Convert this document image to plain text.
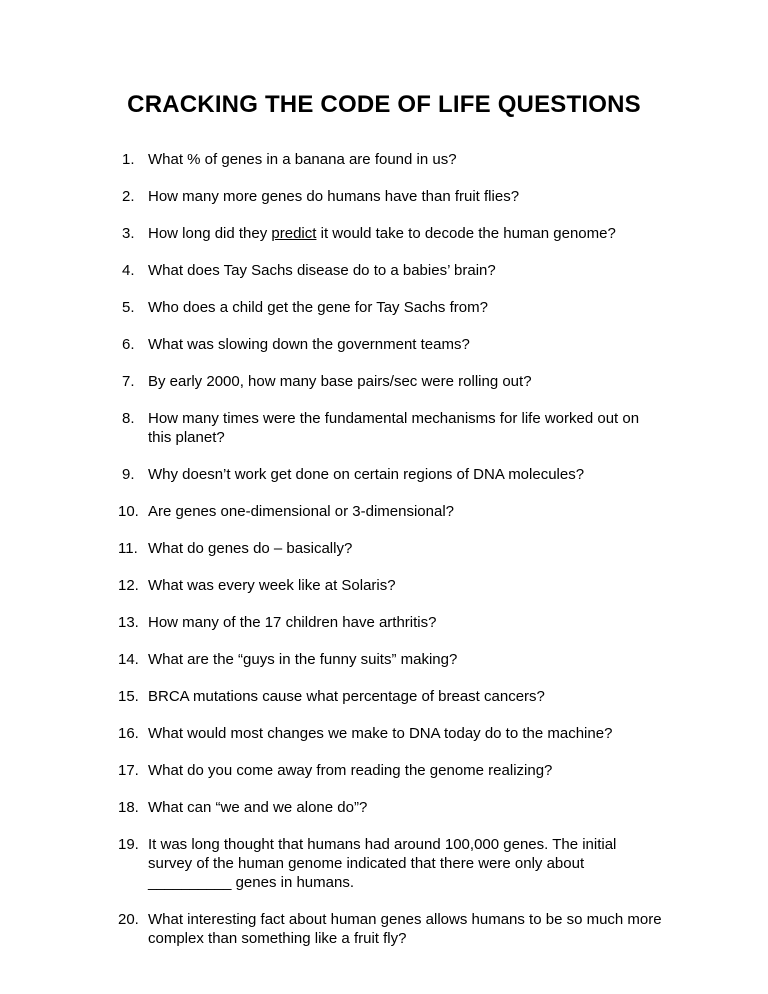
CRACKING THE CODE OF LIFE QUESTIONS
1. What % of genes in a banana are found in us?
2. How many more genes do humans have than fruit flies?
3. How long did they predict it would take to decode the human genome?
4. What does Tay Sachs disease do to a babies’ brain?
5. Who does a child get the gene for Tay Sachs from?
6. What was slowing down the government teams?
7. By early 2000, how many base pairs/sec were rolling out?
8. How many times were the fundamental mechanisms for life worked out on this planet?
9. Why doesn’t work get done on certain regions of DNA molecules?
10. Are genes one-dimensional or 3-dimensional?
11. What do genes do – basically?
12. What was every week like at Solaris?
13. How many of the 17 children have arthritis?
14. What are the “guys in the funny suits” making?
15. BRCA mutations cause what percentage of breast cancers?
16. What would most changes we make to DNA today do to the machine?
17. What do you come away from reading the genome realizing?
18. What can “we and we alone do”?
19. It was long thought that humans had around 100,000 genes. The initial survey of the human genome indicated that there were only about __________ genes in humans.
20. What interesting fact about human genes allows humans to be so much more complex than something like a fruit fly?
